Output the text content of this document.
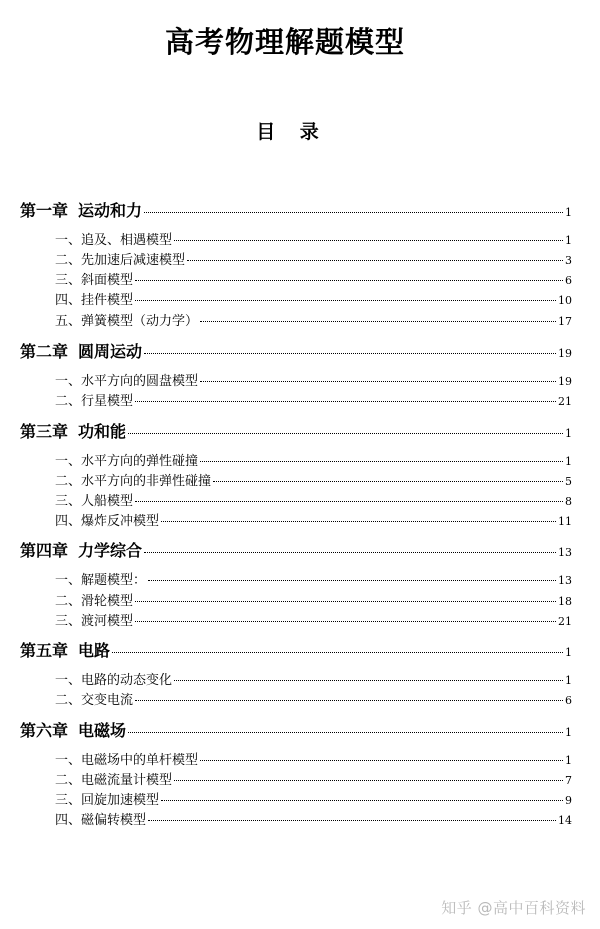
高考物理解题模型
目 录
第一章 运动和力	1
一、追及、相遇模型	1
二、先加速后减速模型	3
三、斜面模型	6
四、挂件模型	10
五、弹簧模型（动力学）	17
第二章 圆周运动	19
一、水平方向的圆盘模型	19
二、行星模型	21
第三章 功和能	1
一、水平方向的弹性碰撞	1
二、水平方向的非弹性碰撞	5
三、人船模型	8
四、爆炸反冲模型	11
第四章 力学综合	13
一、解题模型：	13
二、滑轮模型	18
三、渡河模型	21
第五章 电路	1
一、电路的动态变化	1
二、交变电流	6
第六章 电磁场	1
一、电磁场中的单杆模型	1
二、电磁流量计模型	7
三、回旋加速模型	9
四、磁偏转模型	14
知乎 @高中百科资料
